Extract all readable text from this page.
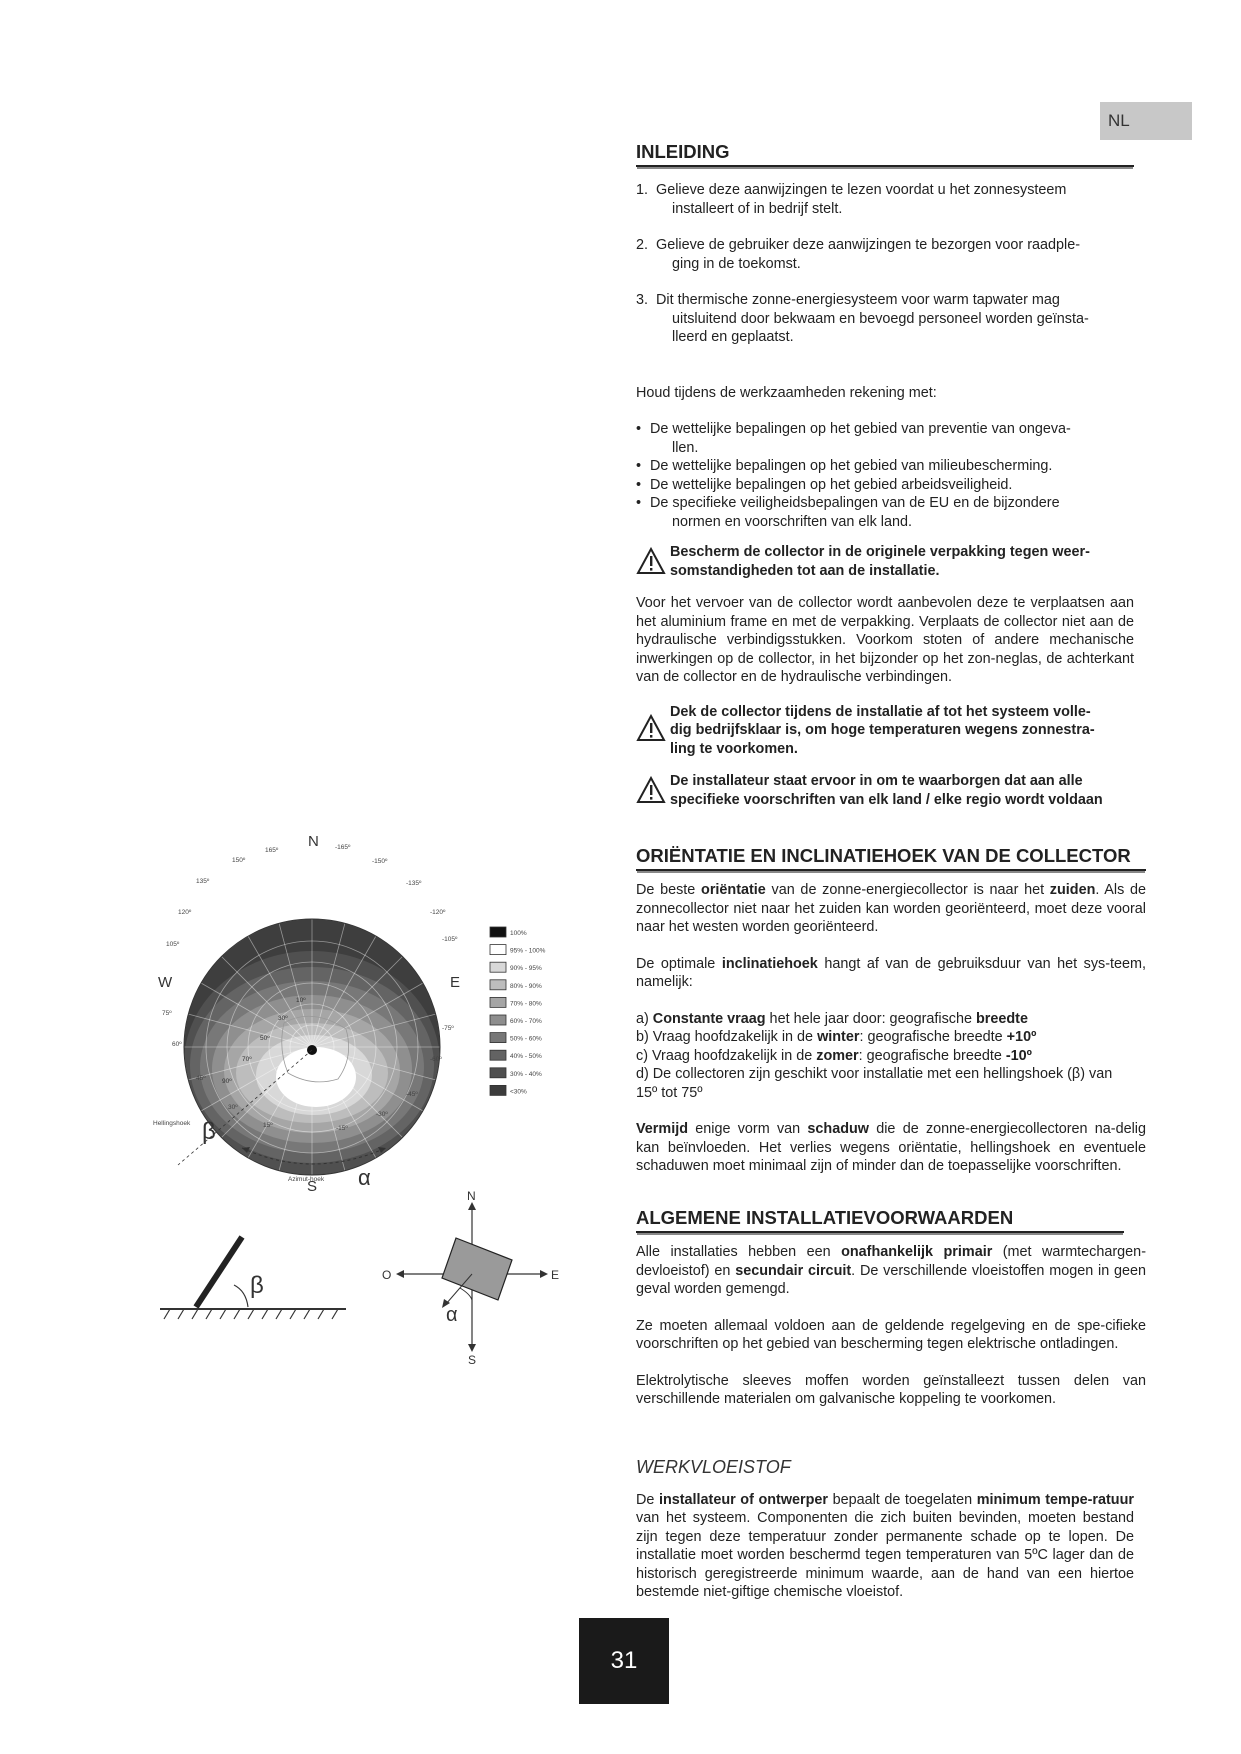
NL
INLEIDING
1. Gelieve deze aanwijzingen te lezen voordat u het zonnesysteem
installeert of in bedrijf stelt.
2. Gelieve de gebruiker deze aanwijzingen te bezorgen voor raadple-
ging in de toekomst.
3. Dit thermische zonne-energiesysteem voor warm tapwater mag
uitsluitend door bekwaam en bevoegd personeel worden geïnsta-
lleerd en geplaatst.

Houd tijdens de werkzaamheden rekening met:

• De wettelijke bepalingen op het gebied van preventie van ongeva-
llen.
• De wettelijke bepalingen op het gebied van milieubescherming.
• De wettelijke bepalingen op het gebied arbeidsveiligheid.
• De specifieke veiligheidsbepalingen van de EU en de bijzondere
normen en voorschriften van elk land.
Bescherm de collector in de originele verpakking tegen weer-
somstandigheden tot aan de installatie.

Voor het vervoer van de collector wordt aanbevolen deze te verplaatsen aan het aluminium frame en met de verpakking. Verplaats de collector niet aan de hydraulische verbindigsstukken. Voorkom stoten of andere mechanische inwerkingen op de collector, in het bijzonder op het zon-neglas, de achterkant van de collector en de hydraulische verbindingen.

Dek de collector tijdens de installatie af tot het systeem volle-
dig bedrijfsklaar is, om hoge temperaturen wegens zonnestra-
ling te voorkomen.
De installateur staat ervoor in om te waarborgen dat aan alle
specifieke voorschriften van elk land / elke regio wordt voldaan
ORIËNTATIE EN INCLINATIEHOEK VAN DE COLLECTOR

De beste oriëntatie van de zonne-energiecollector is naar het zuiden. Als de zonnecollector niet naar het zuiden kan worden georiënteerd, moet deze vooral naar het westen worden georiënteerd.

De optimale inclinatiehoek hangt af van de gebruiksduur van het sys-teem, namelijk:

a) Constante vraag het hele jaar door: geografische breedte

b) Vraag hoofdzakelijk in de winter: geografische breedte +10º

c) Vraag hoofdzakelijk in de zomer: geografische breedte -10º

d) De collectoren zijn geschikt voor installatie met een hellingshoek (β) van 15º tot 75º

Vermijd enige vorm van schaduw die de zonne-energiecollectoren na-delig kan beïnvloeden. Het verlies wegens oriëntatie, hellingshoek en eventuele schaduwen moet minimaal zijn of minder dan de toepasselijke voorschriften.

ALGEMENE INSTALLATIEVOORWAARDEN

Alle installaties hebben een onafhankelijk primair (met warmtechargen-devloeistof) en secundair circuit. De verschillende vloeistoffen mogen in geen geval worden gemengd.

Ze moeten allemaal voldoen aan de geldende regelgeving en de spe-cifieke voorschriften op het gebied van bescherming tegen elektrische ontladingen.

Elektrolytische sleeves moffen worden geïnstalleezt tussen delen van verschillende materialen om galvanische koppeling te voorkomen.

WERKVLOEISTOF

De installateur of ontwerper bepaalt de toegelaten minimum tempe-ratuur van het systeem. Componenten die zich buiten bevinden, moeten bestand zijn tegen deze temperatuur zonder permanente schade op te lopen. De installatie moet worden beschermd tegen temperaturen van 5ºC lager dan de historisch geregistreerde minimum waarde, aan de hand van een hiertoe bestemde niet-giftige chemische vloeistof.

31
N
S
W	E
165º	-165º
150º	-150º
135º	-135º
120º	-120º
105º
-105º
75º
-75º
60º
-60º
45º
-45º
30º
-30º
15º	-15º
10º
30º
50º
70º
90º
Hellingshoek β
Azimut-hoek α
100%
95% - 100%
90% - 95%
80% - 90%
70% - 80%
60% - 70%
50% - 60%
40% - 50%
30% - 40%
<30%
β
N
S
O	E
α
